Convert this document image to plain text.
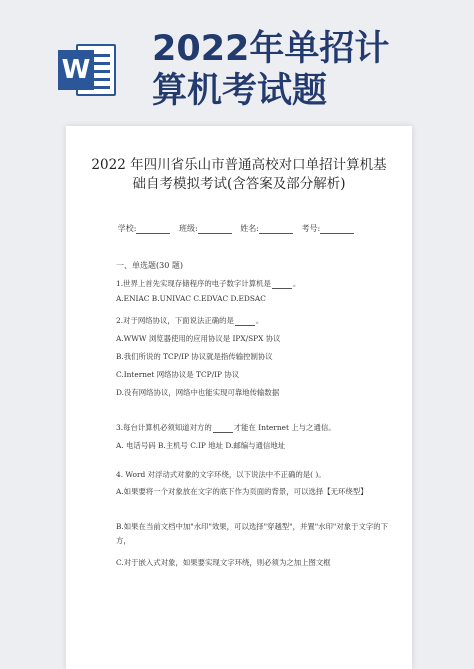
W
2022年单招计
算机考试题
2022 年四川省乐山市普通高校对口单招计算机基础自考模拟考试(含答案及部分解析)
学校:	班级:	姓名:	考号:
一、单选题(30 题)
1.世界上首先实现存储程序的电子数字计算机是	。
A.ENIAC B.UNIVAC C.EDVAC D.EDSAC
2.对于网络协议，下面说法正确的是	。
A.WWW 浏览器使用的应用协议是 IPX/SPX 协议
B.我们所说的 TCP/IP 协议就是指传输控制协议
C.Internet 网络协议是 TCP/IP 协议
D.没有网络协议，网络中也能实现可靠地传输数据
3.每台计算机必须知道对方的	才能在 Internet 上与之通信。
A. 电话号码 B.主机号 C.IP 地址 D.邮编与通信地址
4. Word 对浮动式对象的文字环绕，以下说法中不正确的是( )。
A.如果要将一个对象放在文字的底下作为页面的背景，可以选择【无环绕型】
B.如果在当前文档中加"水印"效果，可以选择"穿越型"，并置"水印"对象于文字的下方，
C.对于嵌入式对象，如果要实现文字环绕，则必须为之加上图文框
